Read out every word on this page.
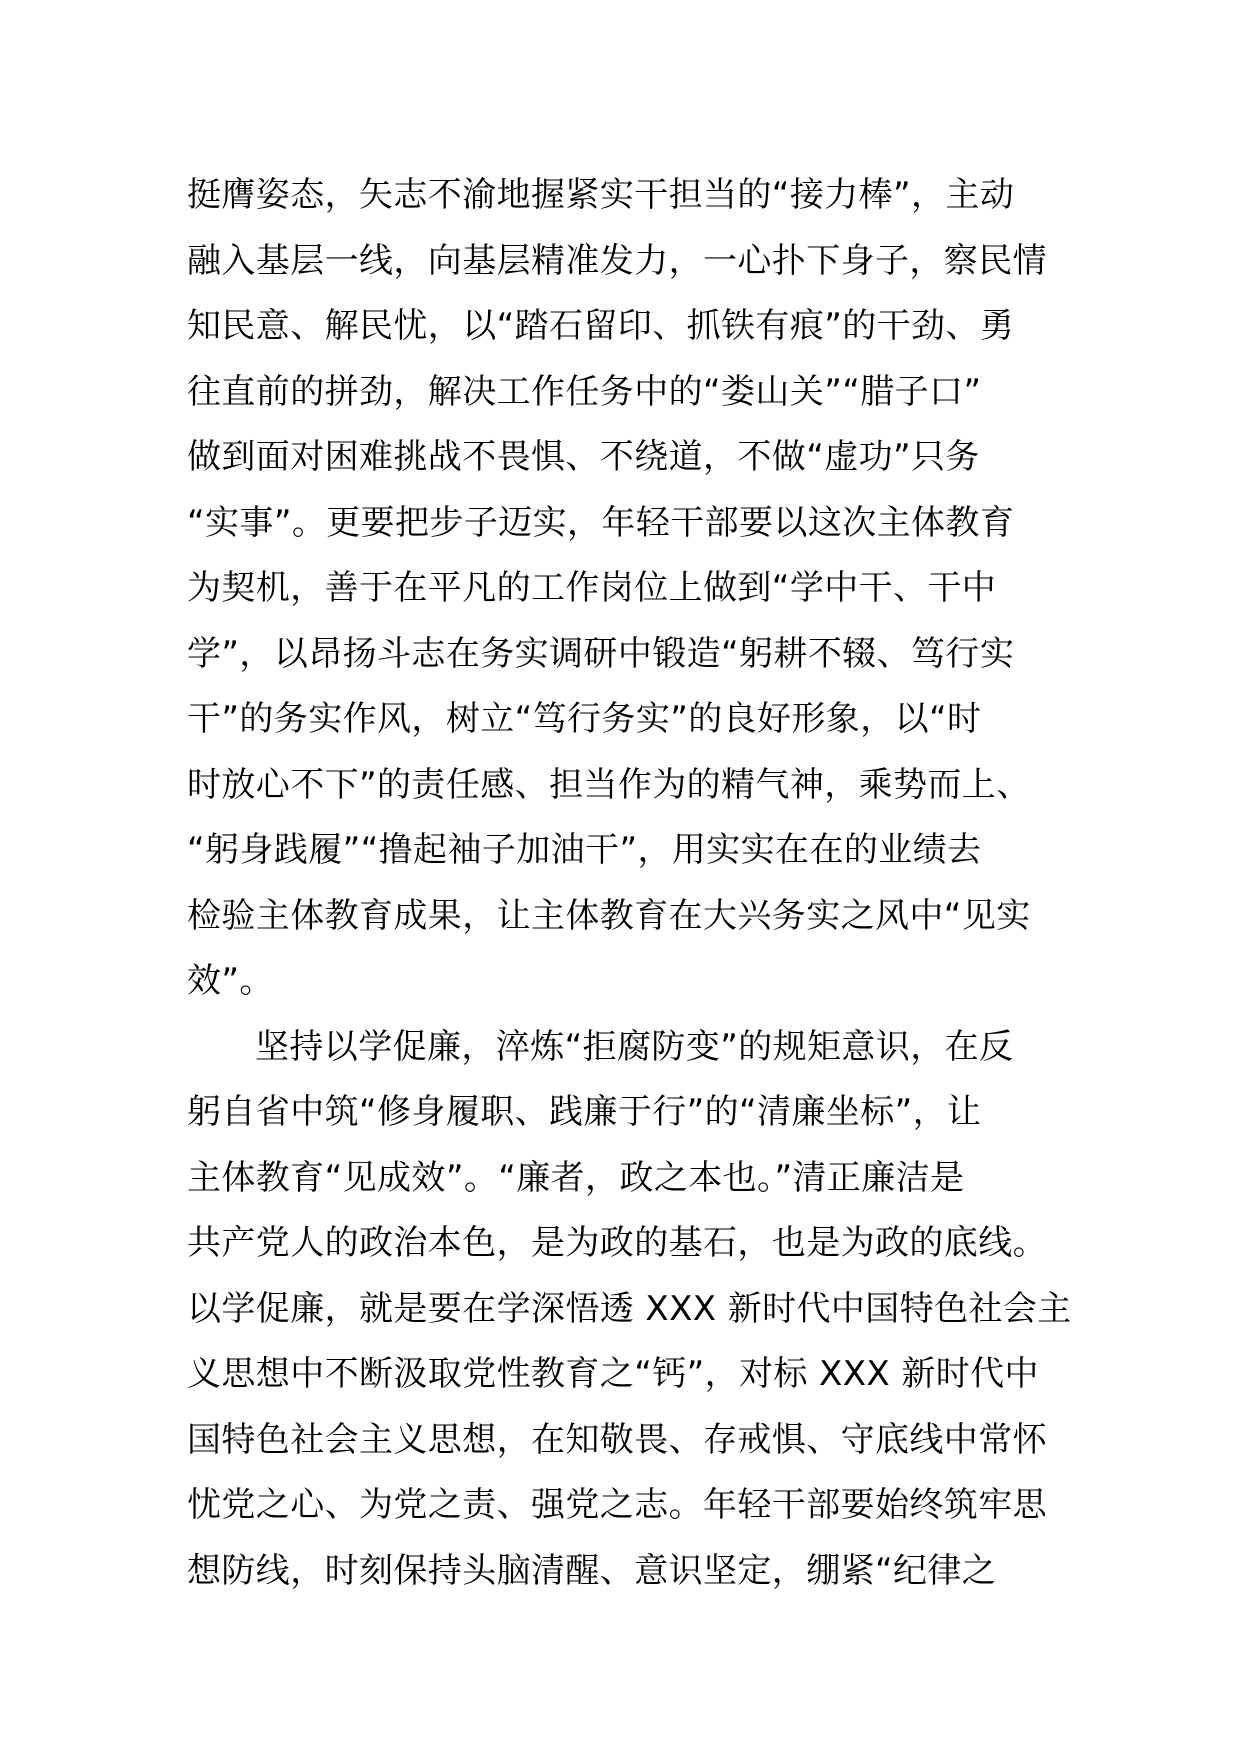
挺膺姿态，矢志不渝地握紧实干担当的“接力棒”，主动
融入基层一线，向基层精准发力，一心扑下身子，察民情
知民意、解民忧，以“踏石留印、抓铁有痕”的干劲、勇
往直前的拼劲，解决工作任务中的“娄山关”“腊子口”
做到面对困难挑战不畏惧、不绕道，不做“虚功”只务
“实事”。更要把步子迈实，年轻干部要以这次主体教育
为契机，善于在平凡的工作岗位上做到“学中干、干中
学”，以昂扬斗志在务实调研中锻造“躬耕不辍、笃行实
干”的务实作风，树立“笃行务实”的良好形象，以“时
时放心不下”的责任感、担当作为的精气神，乘势而上、
“躬身践履”“撸起袖子加油干”，用实实在在的业绩去
检验主体教育成果，让主体教育在大兴务实之风中“见实
效”。
坚持以学促廉，淬炼“拒腐防变”的规矩意识，在反
躬自省中筑“修身履职、践廉于行”的“清廉坐标”，让
主体教育“见成效”。“廉者，政之本也。”清正廉洁是
共产党人的政治本色，是为政的基石，也是为政的底线。
以学促廉，就是要在学深悟透 XXX 新时代中国特色社会主
义思想中不断汲取党性教育之“钙”，对标 XXX 新时代中
国特色社会主义思想，在知敬畏、存戒惧、守底线中常怀
忧党之心、为党之责、强党之志。年轻干部要始终筑牢思
想防线，时刻保持头脑清醒、意识坚定，绷紧“纪律之
